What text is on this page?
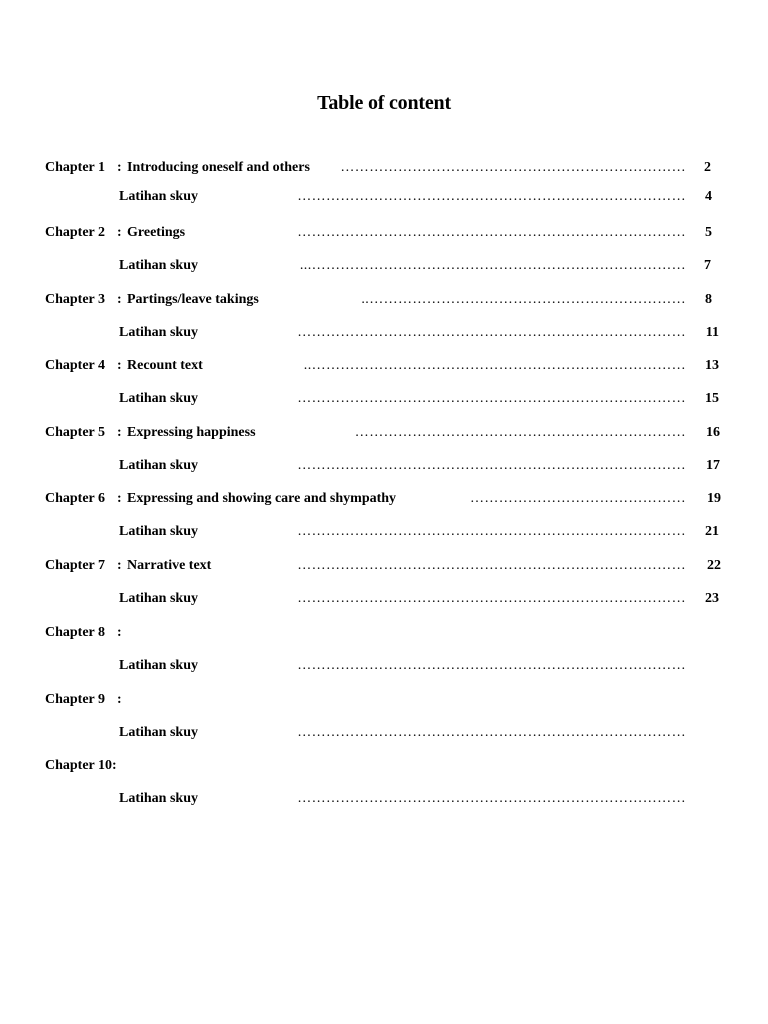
Table of content
Chapter 1 : Introducing oneself and others	……………………………………………………………… 2
Latihan skuy	……………………………………………………………………… 4
Chapter 2 : Greetings	……………………………………………………………………… 5
Latihan skuy	……………………………………………………………………... 7
Chapter 3 : Partings/leave takings	………………………………………………………….. 8
Latihan skuy	……………………………………………………………………… 11
Chapter 4 : Recount text	…………………………………………………………………….. 13
Latihan skuy	……………………………………………………………………… 15
Chapter 5 : Expressing happiness	…………………………………………………………… 16
Latihan skuy	……………………………………………………………………… 17
Chapter 6 : Expressing and showing care and shympathy	……………………………………… 19
Latihan skuy	……………………………………………………………………… 21
Chapter 7 : Narrative text	……………………………………………………………………… 22
Latihan skuy	……………………………………………………………………… 23
Chapter 8 :
Latihan skuy	………………………………………………………………………
Chapter 9 :
Latihan skuy	………………………………………………………………………
Chapter 10:
Latihan skuy	………………………………………………………………………
